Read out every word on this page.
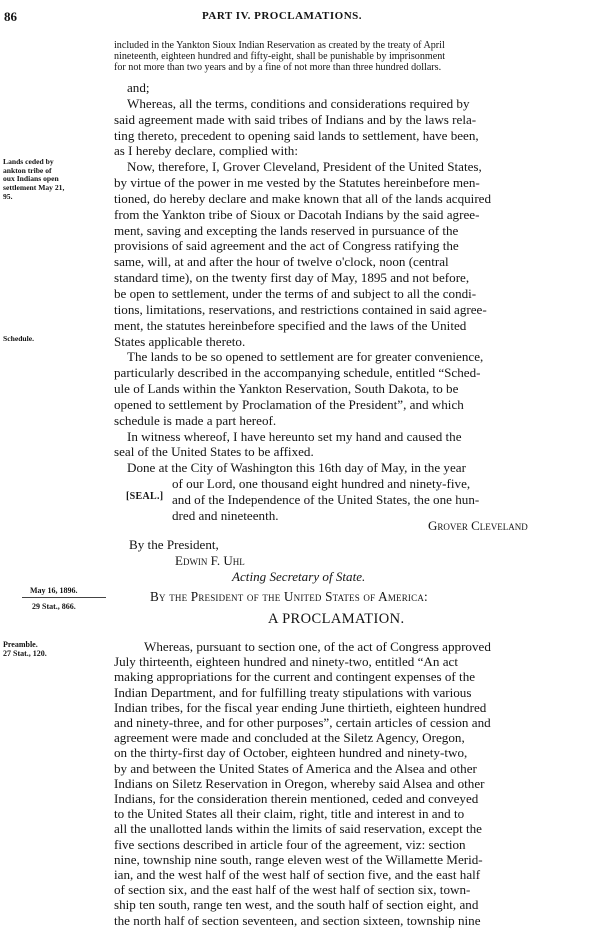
86	PART IV. PROCLAMATIONS.
included in the Yankton Sioux Indian Reservation as created by the treaty of April
nineteenth, eighteen hundred and fifty-eight, shall be punishable by imprisonment
for not more than two years and by a fine of not more than three hundred dollars.
and;
Whereas, all the terms, conditions and considerations required by
said agreement made with said tribes of Indians and by the laws rela-
ting thereto, precedent to opening said lands to settlement, have been,
as I hereby declare, complied with:
Now, therefore, I, Grover Cleveland, President of the United States,
by virtue of the power in me vested by the Statutes hereinbefore men-
tioned, do hereby declare and make known that all of the lands acquired
from the Yankton tribe of Sioux or Dacotah Indians by the said agree-
ment, saving and excepting the lands reserved in pursuance of the
provisions of said agreement and the act of Congress ratifying the
same, will, at and after the hour of twelve o'clock, noon (central
standard time), on the twenty first day of May, 1895 and not before,
be open to settlement, under the terms of and subject to all the condi-
tions, limitations, reservations, and restrictions contained in said agree-
ment, the statutes hereinbefore specified and the laws of the United
States applicable thereto.
The lands to be so opened to settlement are for greater convenience,
particularly described in the accompanying schedule, entitled “Sched-
ule of Lands within the Yankton Reservation, South Dakota, to be
opened to settlement by Proclamation of the President”, and which
schedule is made a part hereof.
In witness whereof, I have hereunto set my hand and caused the
seal of the United States to be affixed.
Done at the City of Washington this 16th day of May, in the year
of our Lord, one thousand eight hundred and ninety-five,
and of the Independence of the United States, the one hun-
dred and nineteenth.
[SEAL.]
Grover Cleveland
By the President,
Edwin F. Uhl
Acting Secretary of State.
Lands ceded by
ankton tribe of
oux Indians open
settlement May 21,
95.
Schedule.
May 16, 1896.
29 Stat., 866.
Preamble.
27 Stat., 120.
By the President of the United States of America:
A PROCLAMATION.
Whereas, pursuant to section one, of the act of Congress approved
July thirteenth, eighteen hundred and ninety-two, entitled “An act
making appropriations for the current and contingent expenses of the
Indian Department, and for fulfilling treaty stipulations with various
Indian tribes, for the fiscal year ending June thirtieth, eighteen hundred
and ninety-three, and for other purposes”, certain articles of cession and
agreement were made and concluded at the Siletz Agency, Oregon,
on the thirty-first day of October, eighteen hundred and ninety-two,
by and between the United States of America and the Alsea and other
Indians on Siletz Reservation in Oregon, whereby said Alsea and other
Indians, for the consideration therein mentioned, ceded and conveyed
to the United States all their claim, right, title and interest in and to
all the unallotted lands within the limits of said reservation, except the
five sections described in article four of the agreement, viz: section
nine, township nine south, range eleven west of the Willamette Merid-
ian, and the west half of the west half of section five, and the east half
of section six, and the east half of the west half of section six, town-
ship ten south, range ten west, and the south half of section eight, and
the north half of section seventeen, and section sixteen, township nine
